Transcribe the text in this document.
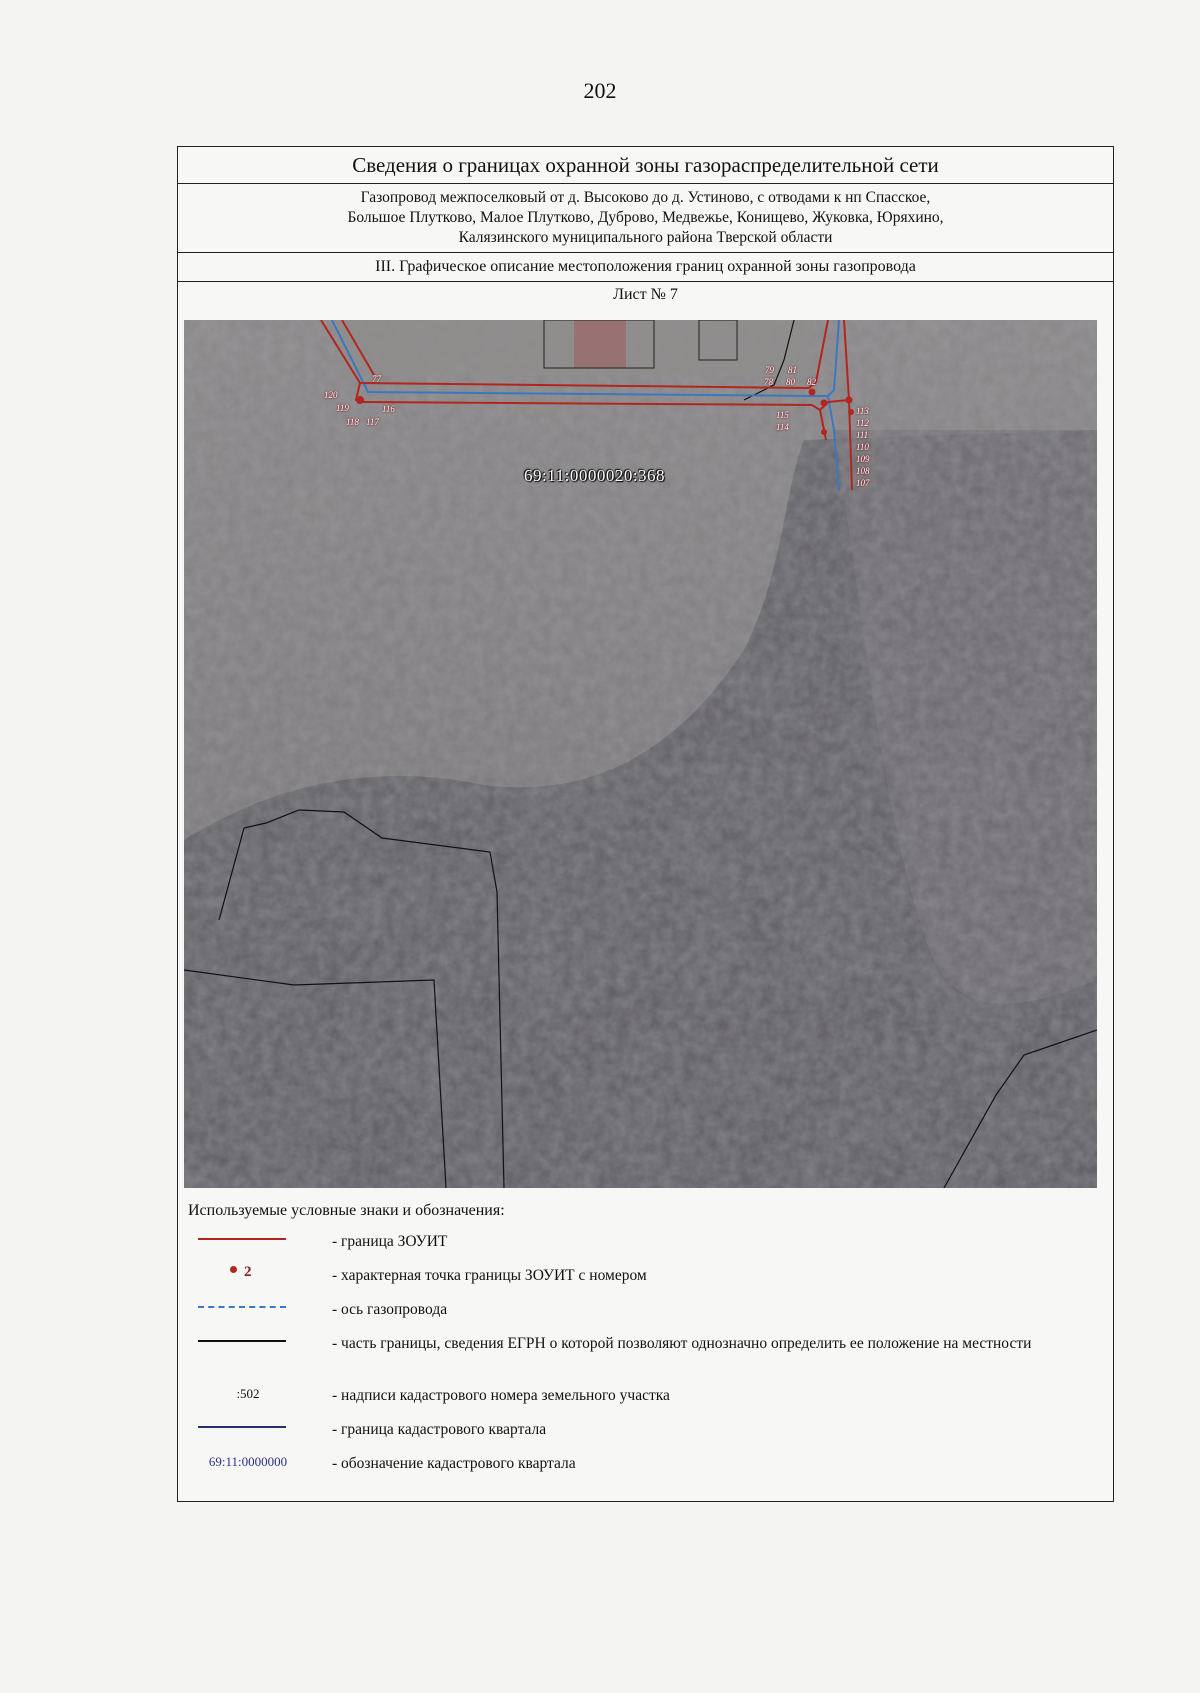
202
Сведения о границах охранной зоны газораспределительной сети
Газопровод межпоселковый от д. Высоково до д. Устиново, с отводами к нп Спасское,
Большое Плутково, Малое Плутково, Дуброво, Медвежье, Конищево, Жуковка, Юряхино,
Калязинского муниципального района Тверской области
III. Графическое описание местоположения границ охранной зоны газопровода
Лист № 7
69:11:0000020:368
77
120
119
118 117
116
79
78
81
80 82
115
114
113
112
111
110
109
108
107
Используемые условные знаки и обозначения:
- граница ЗОУИТ
2	- характерная точка границы ЗОУИТ с номером
- ось газопровода
- часть границы, сведения ЕГРН о которой позволяют однозначно определить ее положение на местности
:502	- надписи кадастрового номера земельного участка
- граница кадастрового квартала
69:11:0000000	- обозначение кадастрового квартала
